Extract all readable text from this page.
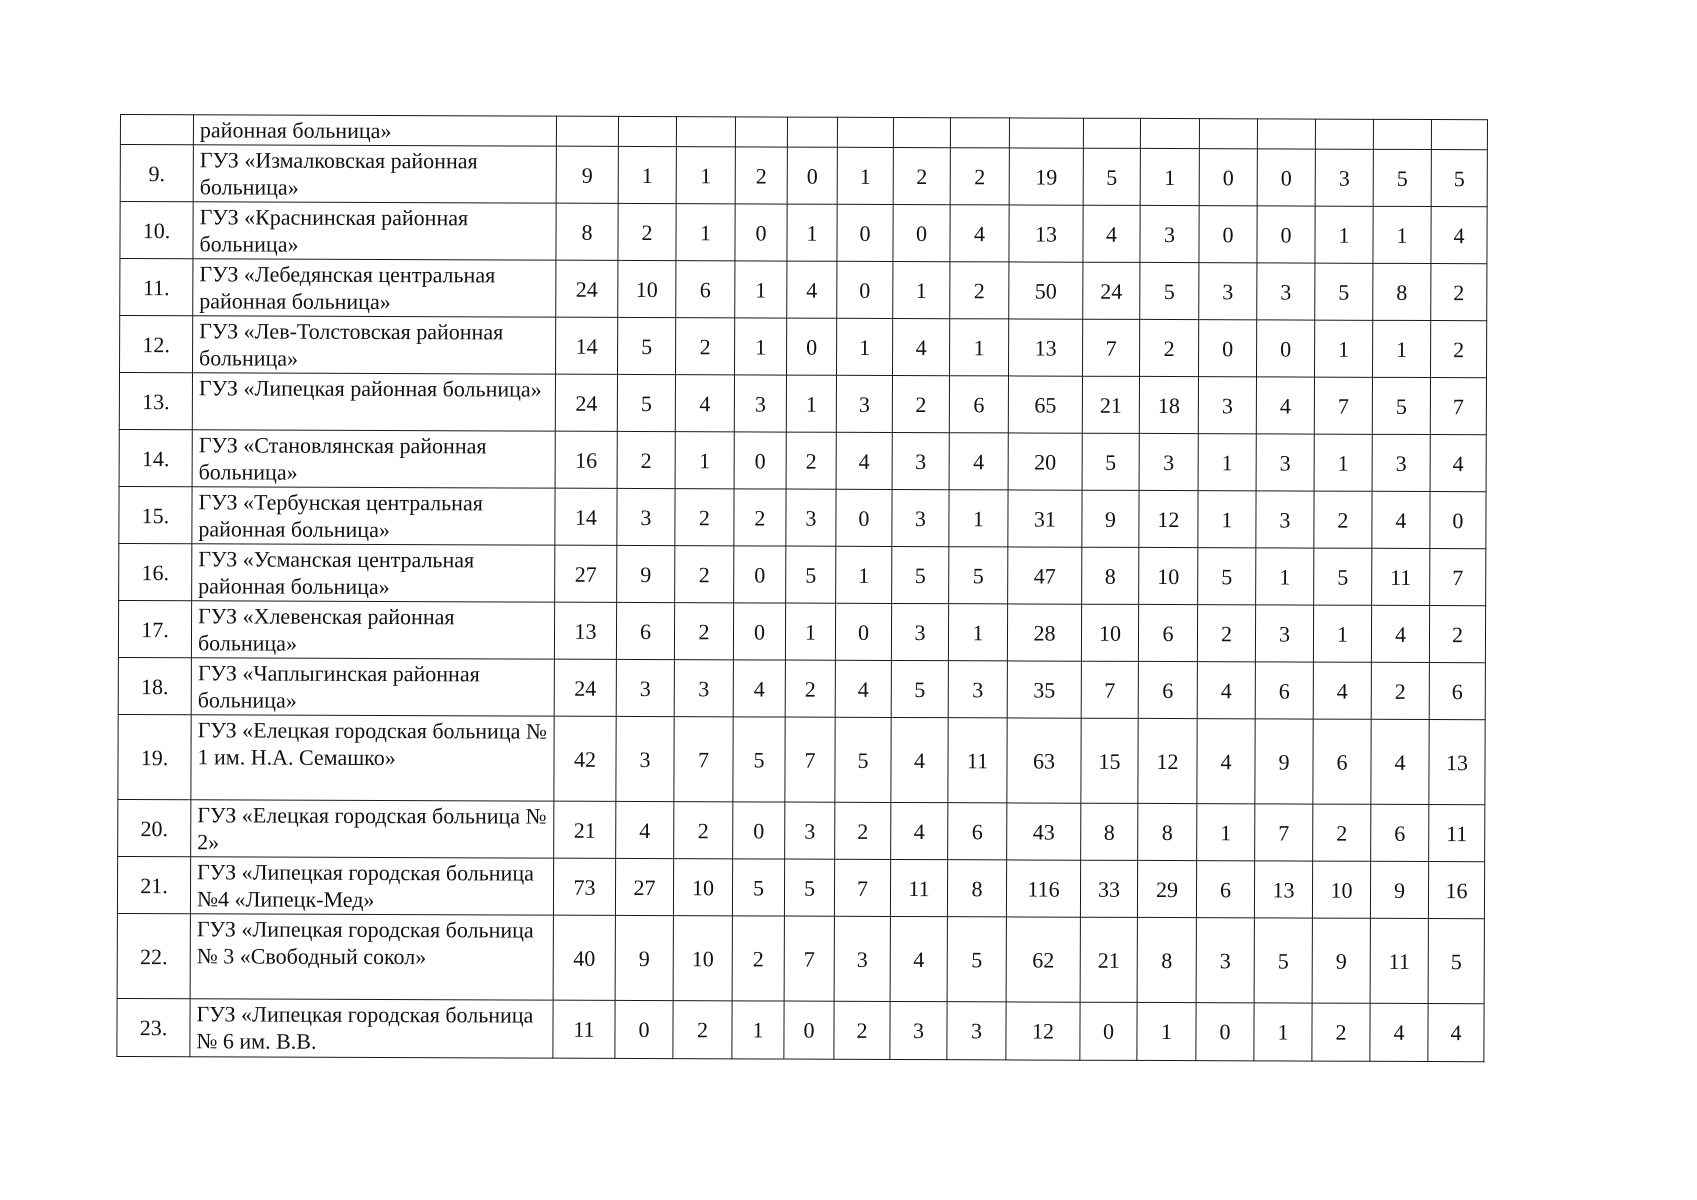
	районная больница»																
9.	ГУЗ «Измалковская районная больница»	9	1	1	2	0	1	2	2	19	5	1	0	0	3	5	5
10.	ГУЗ «Краснинская районная больница»	8	2	1	0	1	0	0	4	13	4	3	0	0	1	1	4
11.	ГУЗ «Лебедянская центральная районная больница»	24	10	6	1	4	0	1	2	50	24	5	3	3	5	8	2
12.	ГУЗ «Лев-Толстовская районная больница»	14	5	2	1	0	1	4	1	13	7	2	0	0	1	1	2
13.	ГУЗ «Липецкая районная больница»	24	5	4	3	1	3	2	6	65	21	18	3	4	7	5	7
14.	ГУЗ «Становлянская районная больница»	16	2	1	0	2	4	3	4	20	5	3	1	3	1	3	4
15.	ГУЗ «Тербунская центральная районная больница»	14	3	2	2	3	0	3	1	31	9	12	1	3	2	4	0
16.	ГУЗ «Усманская центральная районная больница»	27	9	2	0	5	1	5	5	47	8	10	5	1	5	11	7
17.	ГУЗ «Хлевенская районная больница»	13	6	2	0	1	0	3	1	28	10	6	2	3	1	4	2
18.	ГУЗ «Чаплыгинская районная больница»	24	3	3	4	2	4	5	3	35	7	6	4	6	4	2	6
19.	ГУЗ «Елецкая городская больница № 1 им. Н.А. Семашко»	42	3	7	5	7	5	4	11	63	15	12	4	9	6	4	13
20.	ГУЗ «Елецкая городская больница № 2»	21	4	2	0	3	2	4	6	43	8	8	1	7	2	6	11
21.	ГУЗ «Липецкая городская больница №4 «Липецк-Мед»	73	27	10	5	5	7	11	8	116	33	29	6	13	10	9	16
22.	ГУЗ «Липецкая городская больница № 3 «Свободный сокол»	40	9	10	2	7	3	4	5	62	21	8	3	5	9	11	5
23.	ГУЗ «Липецкая городская больница № 6 им. В.В.	11	0	2	1	0	2	3	3	12	0	1	0	1	2	4	4
